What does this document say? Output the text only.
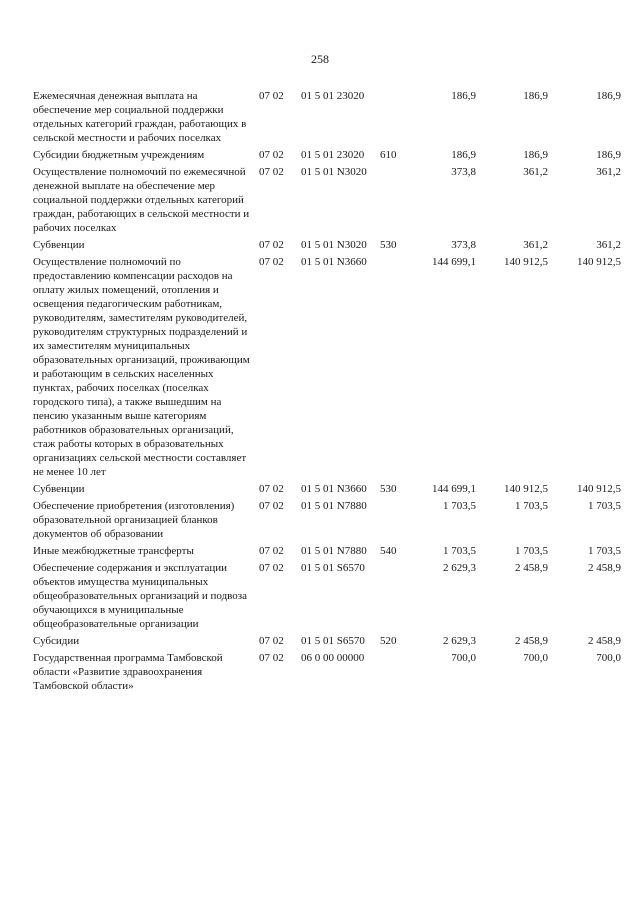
258
Ежемесячная денежная выплата на обеспечение мер социальной поддержки отдельных категорий граждан, работающих в сельской местности и рабочих поселках	07 02	01 5 01 23020		186,9	186,9	186,9
Субсидии бюджетным учреждениям	07 02	01 5 01 23020	610	186,9	186,9	186,9
Осуществление полномочий по ежемесячной денежной выплате на обеспечение мер социальной поддержки отдельных категорий граждан, работающих в сельской местности и рабочих поселках	07 02	01 5 01 N3020		373,8	361,2	361,2
Субвенции	07 02	01 5 01 N3020	530	373,8	361,2	361,2
Осуществление полномочий по предоставлению компенсации расходов на оплату жилых помещений, отопления и освещения педагогическим работникам, руководителям, заместителям руководителей, руководителям структурных подразделений и их заместителям муниципальных образовательных организаций, проживающим и работающим в сельских населенных пунктах, рабочих поселках (поселках городского типа), а также вышедшим на пенсию указанным выше категориям работников образовательных организаций, стаж работы которых в образовательных организациях сельской местности составляет не менее 10 лет	07 02	01 5 01 N3660		144 699,1	140 912,5	140 912,5
Субвенции	07 02	01 5 01 N3660	530	144 699,1	140 912,5	140 912,5
Обеспечение приобретения (изготовления) образовательной организацией бланков документов об образовании	07 02	01 5 01 N7880		1 703,5	1 703,5	1 703,5
Иные межбюджетные трансферты	07 02	01 5 01 N7880	540	1 703,5	1 703,5	1 703,5
Обеспечение содержания и эксплуатации объектов имущества муниципальных общеобразовательных организаций и подвоза обучающихся в муниципальные общеобразовательные организации	07 02	01 5 01 S6570		2 629,3	2 458,9	2 458,9
Субсидии	07 02	01 5 01 S6570	520	2 629,3	2 458,9	2 458,9
Государственная программа Тамбовской области «Развитие здравоохранения Тамбовской области»	07 02	06 0 00 00000		700,0	700,0	700,0
